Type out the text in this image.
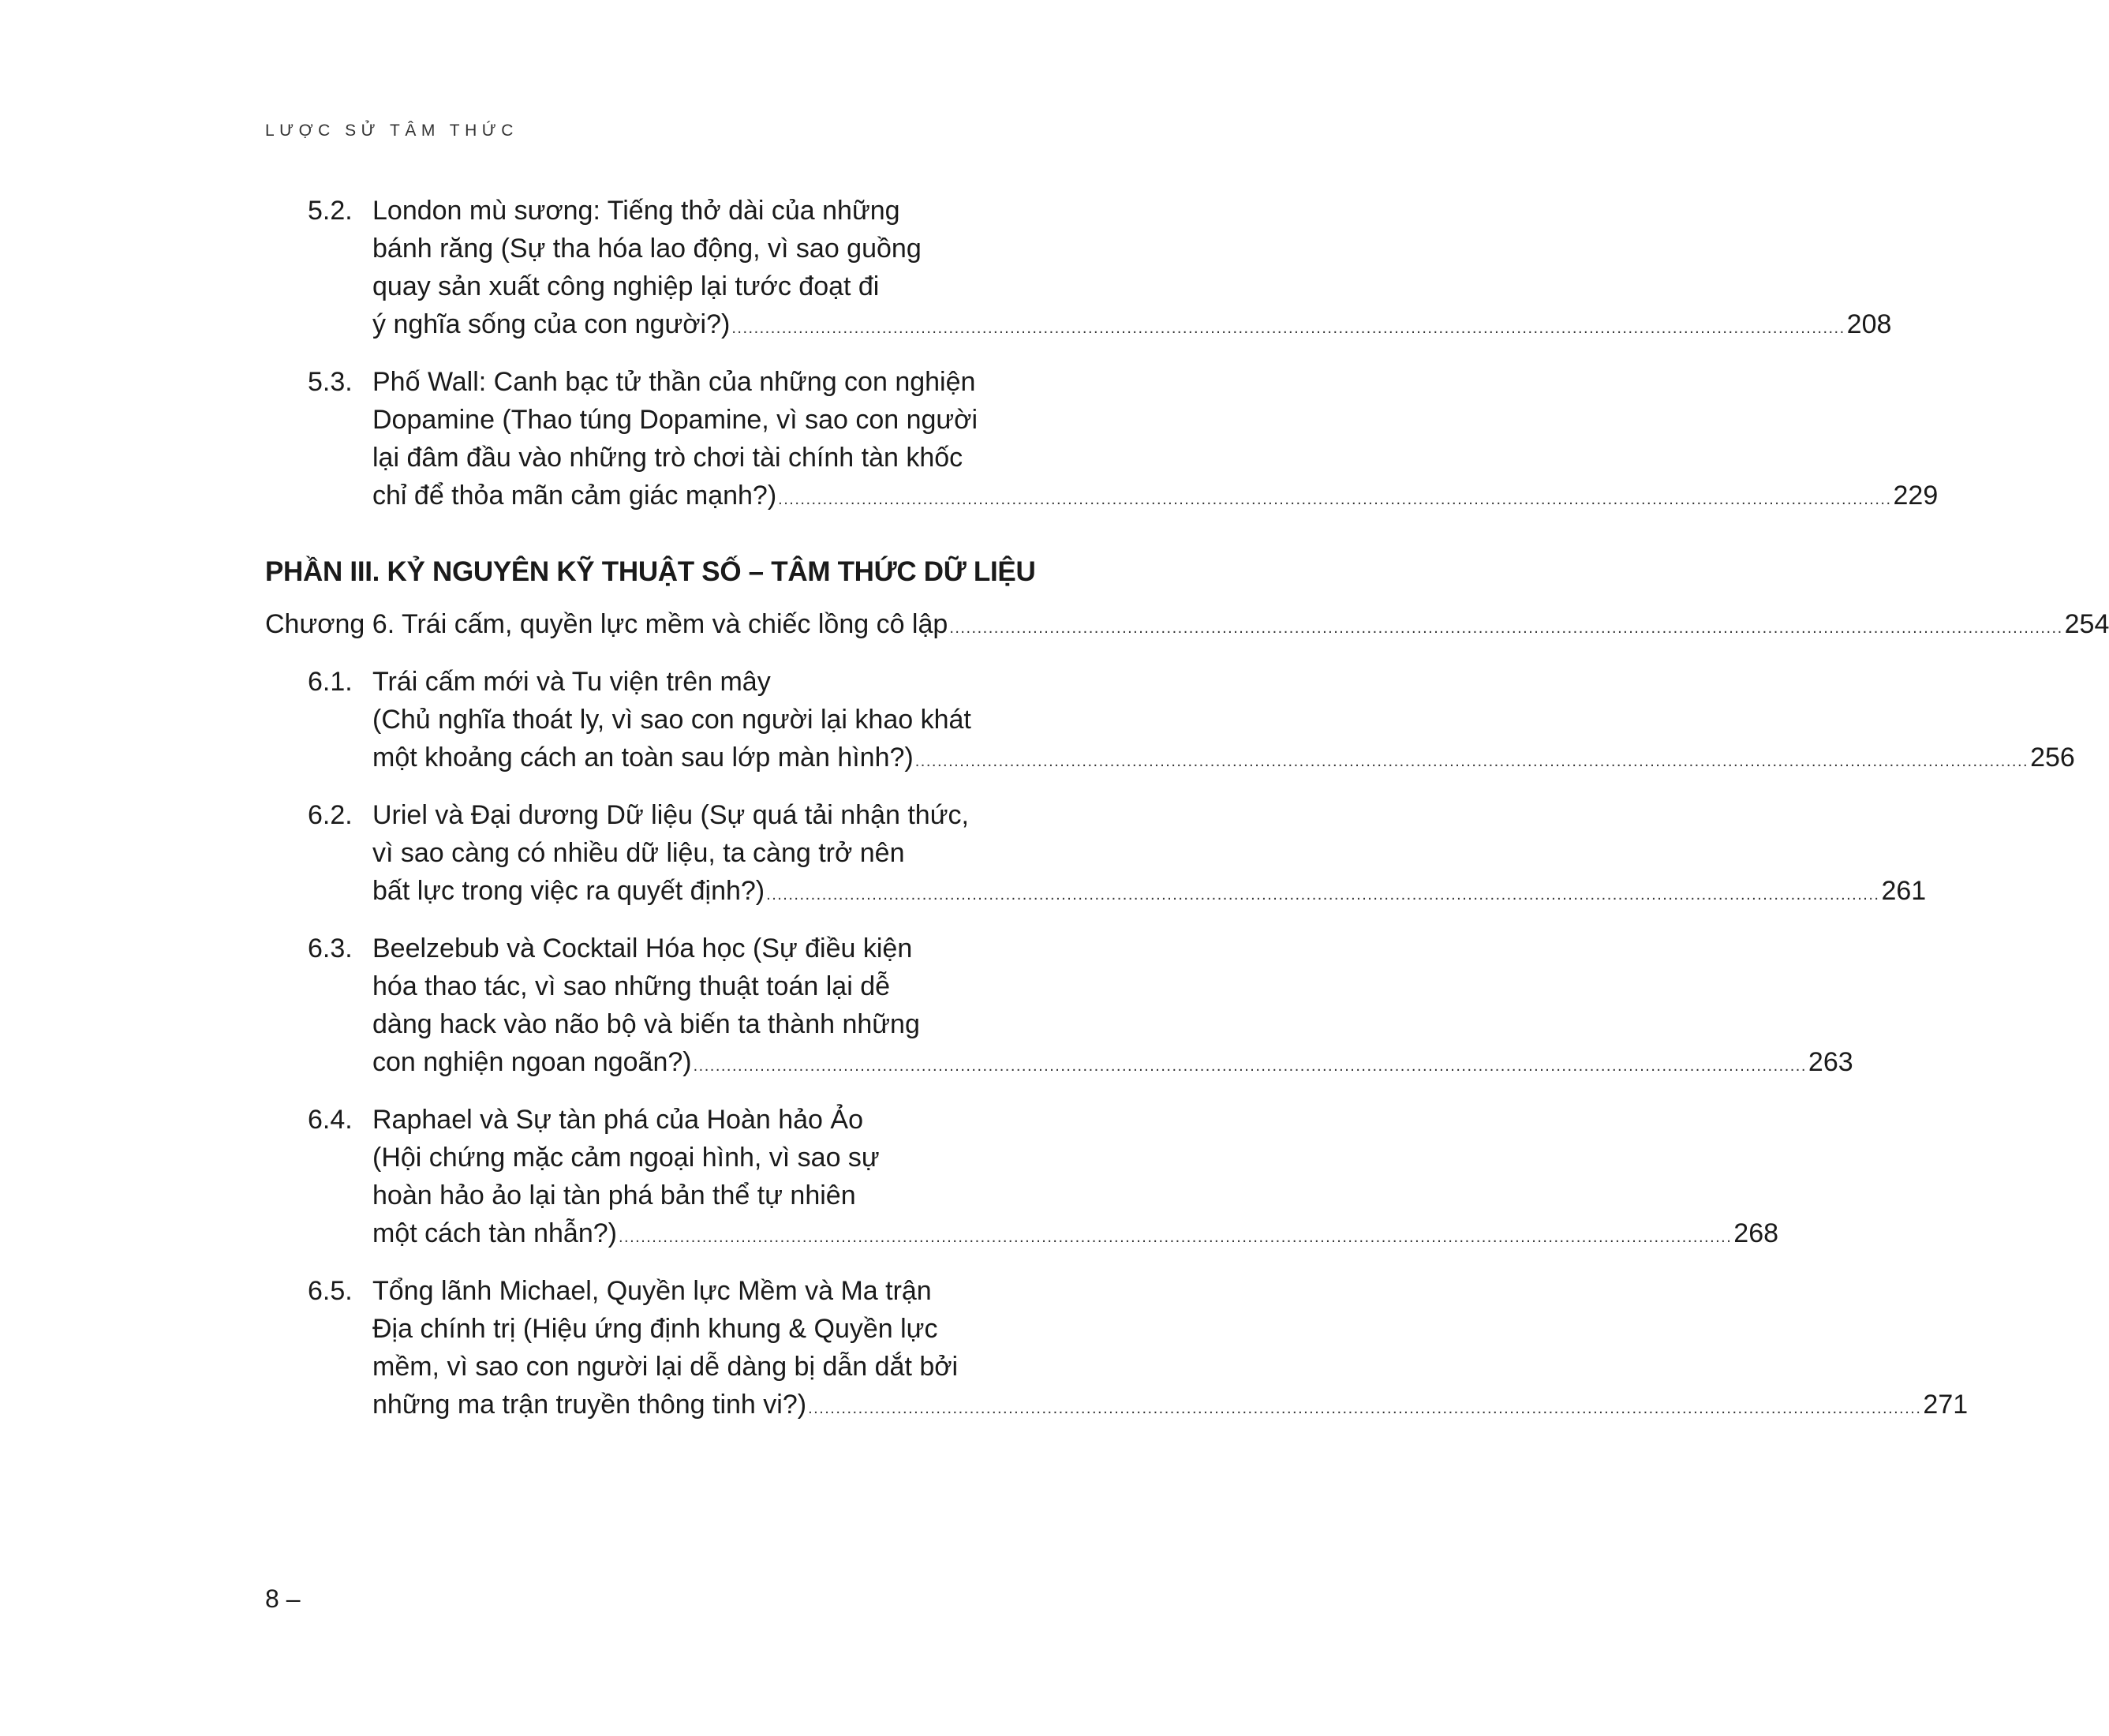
LƯỢC SỬ TÂM THỨC
5.2. London mù sương: Tiếng thở dài của những
bánh răng (Sự tha hóa lao động, vì sao guồng
quay sản xuất công nghiệp lại tước đoạt đi
ý nghĩa sống của con người?) ........................................................................................................................................................................................................ 208
5.3. Phố Wall: Canh bạc tử thần của những con nghiện
Dopamine (Thao túng Dopamine, vì sao con người
lại đâm đầu vào những trò chơi tài chính tàn khốc
chỉ để thỏa mãn cảm giác mạnh?) ........................................................................................................................................................................................................ 229
PHẦN III. KỶ NGUYÊN KỸ THUẬT SỐ – TÂM THỨC DỮ LIỆU
Chương 6. Trái cấm, quyền lực mềm và chiếc lồng cô lập ........................................................................................................................................................................................................ 254
6.1. Trái cấm mới và Tu viện trên mây
(Chủ nghĩa thoát ly, vì sao con người lại khao khát
một khoảng cách an toàn sau lớp màn hình?) ........................................................................................................................................................................................................ 256
6.2. Uriel và Đại dương Dữ liệu (Sự quá tải nhận thức,
vì sao càng có nhiều dữ liệu, ta càng trở nên
bất lực trong việc ra quyết định?) ........................................................................................................................................................................................................ 261
6.3. Beelzebub và Cocktail Hóa học (Sự điều kiện
hóa thao tác, vì sao những thuật toán lại dễ
dàng hack vào não bộ và biến ta thành những
con nghiện ngoan ngoãn?) ........................................................................................................................................................................................................ 263
6.4. Raphael và Sự tàn phá của Hoàn hảo Ảo
(Hội chứng mặc cảm ngoại hình, vì sao sự
hoàn hảo ảo lại tàn phá bản thể tự nhiên
một cách tàn nhẫn?) ........................................................................................................................................................................................................ 268
6.5. Tổng lãnh Michael, Quyền lực Mềm và Ma trận
Địa chính trị (Hiệu ứng định khung & Quyền lực
mềm, vì sao con người lại dễ dàng bị dẫn dắt bởi
những ma trận truyền thông tinh vi?) ........................................................................................................................................................................................................ 271
8 –
